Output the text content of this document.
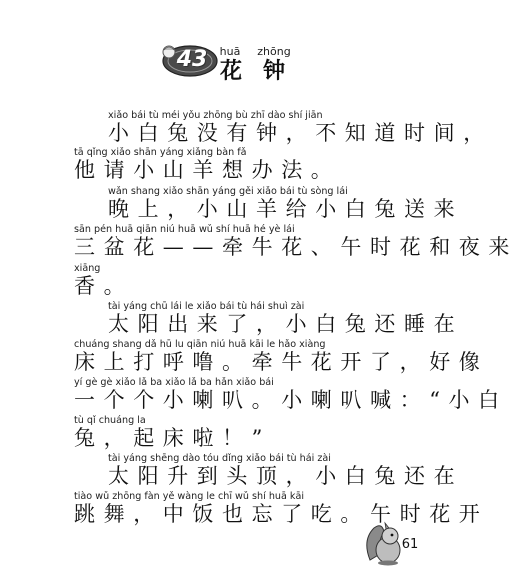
43	huā	zhōng
花 钟
xiǎo bái tù méi yǒu zhōng bù zhī dào shí jiān
小白兔没有钟，不知道时间，
tā qǐng xiǎo shān yáng xiǎng bàn fǎ
他请小山羊想办法。
wǎn shang xiǎo shān yáng gěi xiǎo bái tù sòng lái
晚上，小山羊给小白兔送来
sān pén huā qiān niú huā wǔ shí huā hé yè lái
三盆花——牵牛花、午时花和夜来
xiāng
香。
tài yáng chū lái le xiǎo bái tù hái shuì zài
太阳出来了，小白兔还睡在
chuáng shang dǎ hū lu qiān niú huā kāi le hǎo xiàng
床上打呼噜。牵牛花开了，好像
yí gè gè xiǎo lǎ ba xiǎo lǎ ba hǎn xiǎo bái
一个个小喇叭。小喇叭喊：“小白
tù qǐ chuáng la
兔，起床啦！”
tài yáng shēng dào tóu dǐng xiǎo bái tù hái zài
太阳升到头顶，小白兔还在
tiào wǔ zhōng fàn yě wàng le chī wǔ shí huā kāi
跳舞，中饭也忘了吃。午时花开
61
